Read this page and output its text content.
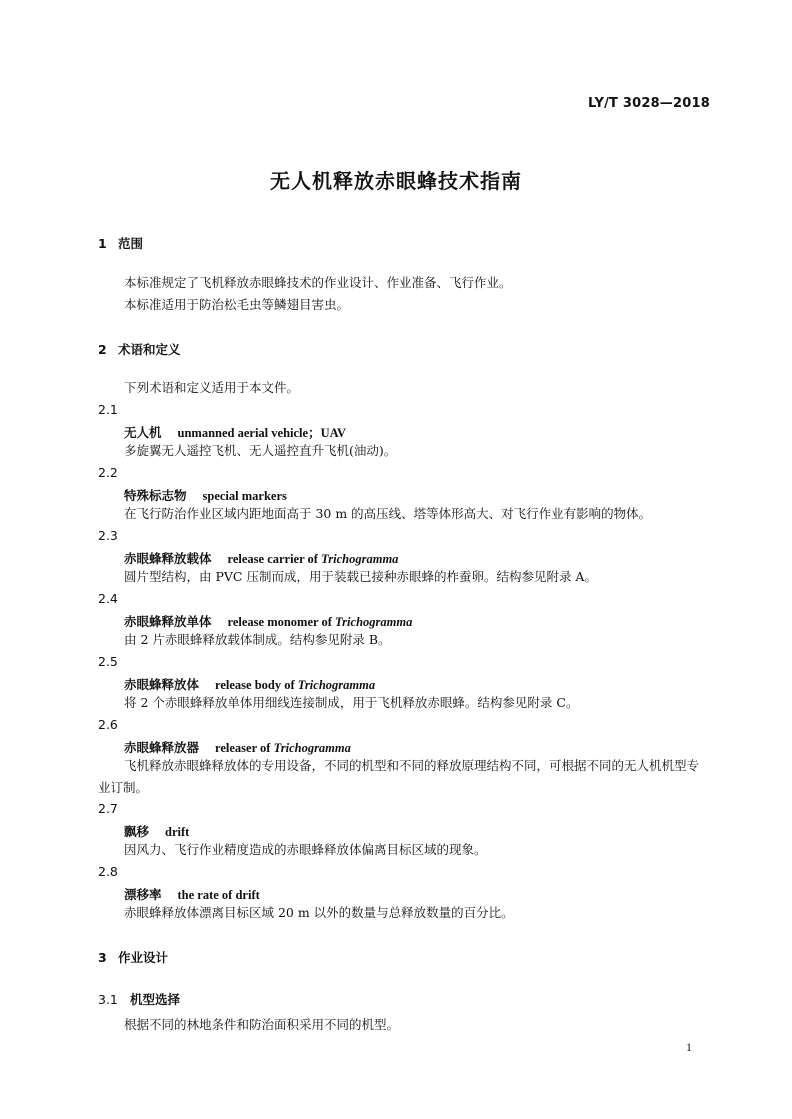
LY/T 3028—2018
无人机释放赤眼蜂技术指南
1 范围
本标准规定了飞机释放赤眼蜂技术的作业设计、作业准备、飞行作业。
本标准适用于防治松毛虫等鳞翅目害虫。
2 术语和定义
下列术语和定义适用于本文件。
2.1
无人机 unmanned aerial vehicle；UAV
多旋翼无人遥控飞机、无人遥控直升飞机(油动)。
2.2
特殊标志物 special markers
在飞行防治作业区域内距地面高于 30 m 的高压线、塔等体形高大、对飞行作业有影响的物体。
2.3
赤眼蜂释放载体 release carrier of Trichogramma
圆片型结构，由 PVC 压制而成，用于装载已接种赤眼蜂的柞蚕卵。结构参见附录 A。
2.4
赤眼蜂释放单体 release monomer of Trichogramma
由 2 片赤眼蜂释放载体制成。结构参见附录 B。
2.5
赤眼蜂释放体 release body of Trichogramma
将 2 个赤眼蜂释放单体用细线连接制成，用于飞机释放赤眼蜂。结构参见附录 C。
2.6
赤眼蜂释放器 releaser of Trichogramma
飞机释放赤眼蜂释放体的专用设备，不同的机型和不同的释放原理结构不同，可根据不同的无人机机型专业订制。
2.7
飘移 drift
因风力、飞行作业精度造成的赤眼蜂释放体偏离目标区域的现象。
2.8
漂移率 the rate of drift
赤眼蜂释放体漂离目标区域 20 m 以外的数量与总释放数量的百分比。
3 作业设计
3.1 机型选择
根据不同的林地条件和防治面积采用不同的机型。
1
